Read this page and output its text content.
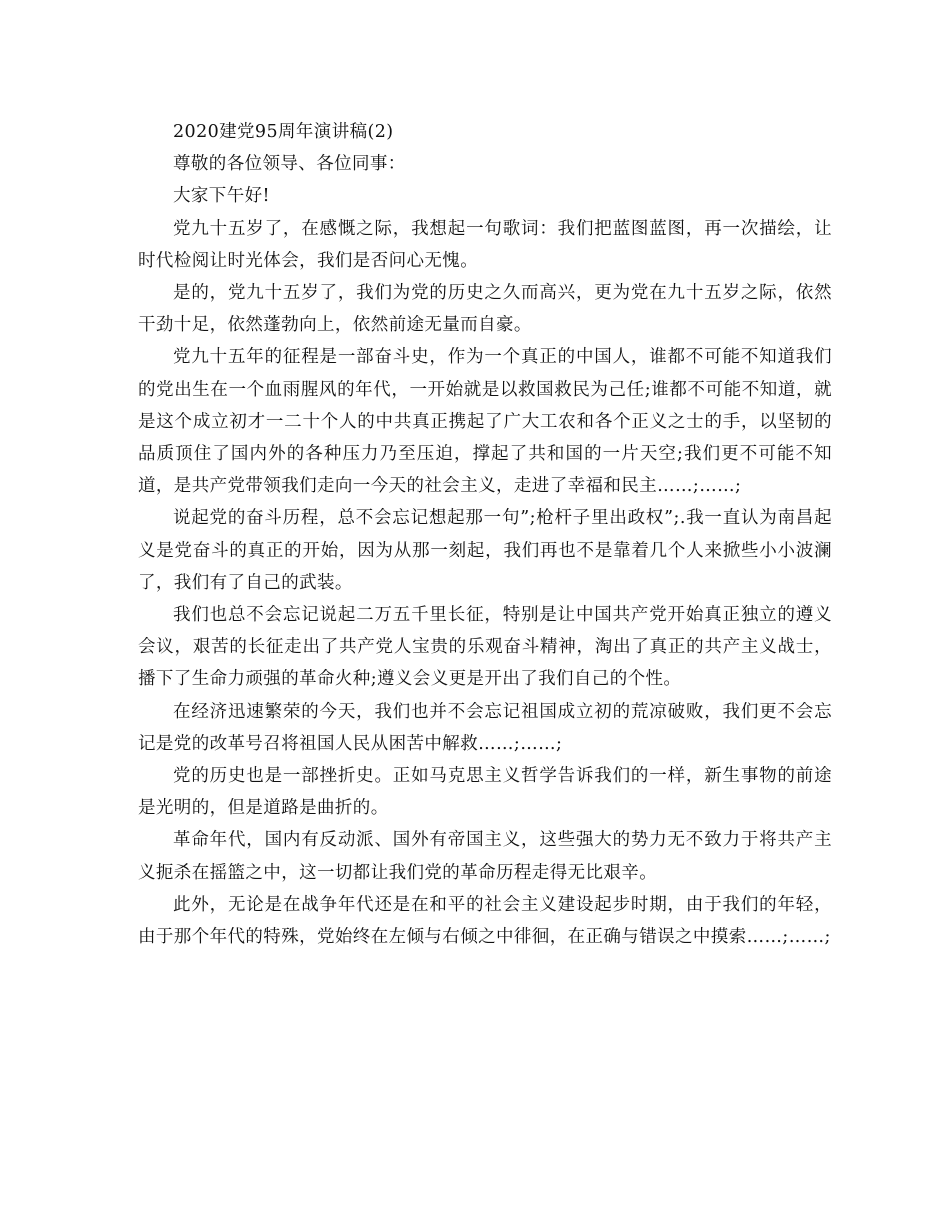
2020建党95周年演讲稿(2)

尊敬的各位领导、各位同事：

大家下午好!

党九十五岁了，在感慨之际，我想起一句歌词：我们把蓝图蓝图，再一次描绘，让时代检阅让时光体会，我们是否问心无愧。

是的，党九十五岁了，我们为党的历史之久而高兴，更为党在九十五岁之际，依然干劲十足，依然蓬勃向上，依然前途无量而自豪。

党九十五年的征程是一部奋斗史，作为一个真正的中国人，谁都不可能不知道我们的党出生在一个血雨腥风的年代，一开始就是以救国救民为己任;谁都不可能不知道，就是这个成立初才一二十个人的中共真正携起了广大工农和各个正义之士的手，以坚韧的品质顶住了国内外的各种压力乃至压迫，撑起了共和国的一片天空;我们更不可能不知道，是共产党带领我们走向一今天的社会主义，走进了幸福和民主……;……;

说起党的奋斗历程，总不会忘记想起那一句”;枪杆子里出政权”;.我一直认为南昌起义是党奋斗的真正的开始，因为从那一刻起，我们再也不是靠着几个人来掀些小小波澜了，我们有了自己的武装。

我们也总不会忘记说起二万五千里长征，特别是让中国共产党开始真正独立的遵义会议，艰苦的长征走出了共产党人宝贵的乐观奋斗精神，淘出了真正的共产主义战士，播下了生命力顽强的革命火种;遵义会义更是开出了我们自己的个性。

在经济迅速繁荣的今天，我们也并不会忘记祖国成立初的荒凉破败，我们更不会忘记是党的改革号召将祖国人民从困苦中解救……;……;

党的历史也是一部挫折史。正如马克思主义哲学告诉我们的一样，新生事物的前途是光明的，但是道路是曲折的。

革命年代，国内有反动派、国外有帝国主义，这些强大的势力无不致力于将共产主义扼杀在摇篮之中，这一切都让我们党的革命历程走得无比艰辛。

此外，无论是在战争年代还是在和平的社会主义建设起步时期，由于我们的年轻，由于那个年代的特殊，党始终在左倾与右倾之中徘徊，在正确与错误之中摸索……;……;
